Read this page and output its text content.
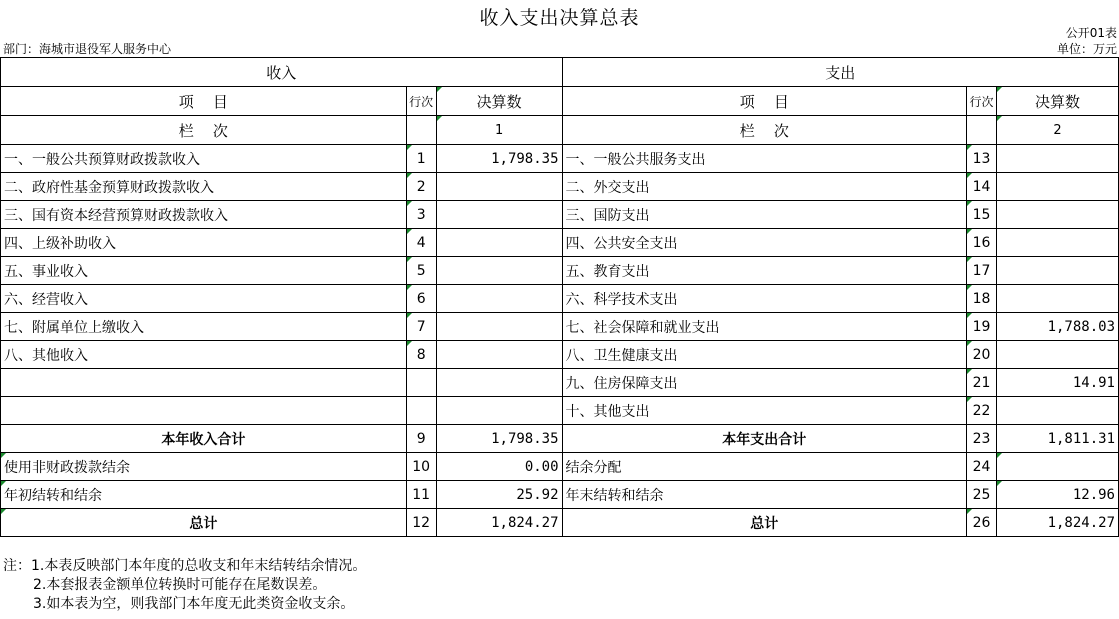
收入支出决算总表
公开01表
部门：海城市退役军人服务中心	单位：万元
收入			支出		
项    目	行次	决算数	项    目	行次	决算数
栏    次		1	栏    次		2
一、一般公共预算财政拨款收入	1	1,798.35	一、一般公共服务支出	13	
二、政府性基金预算财政拨款收入	2		二、外交支出	14	
三、国有资本经营预算财政拨款收入	3		三、国防支出	15	
四、上级补助收入	4		四、公共安全支出	16	
五、事业收入	5		五、教育支出	17	
六、经营收入	6		六、科学技术支出	18	
七、附属单位上缴收入	7		七、社会保障和就业支出	19	1,788.03
八、其他收入	8		八、卫生健康支出	20	
			九、住房保障支出	21	14.91
			十、其他支出	22	
本年收入合计	9	1,798.35	本年支出合计	23	1,811.31
使用非财政拨款结余	10	0.00	结余分配	24	
年初结转和结余	11	25.92	年末结转和结余	25	12.96
总计	12	1,824.27	总计	26	1,824.27
注：1.本表反映部门本年度的总收支和年末结转结余情况。
2.本套报表金额单位转换时可能存在尾数误差。
3.如本表为空，则我部门本年度无此类资金收支余。
